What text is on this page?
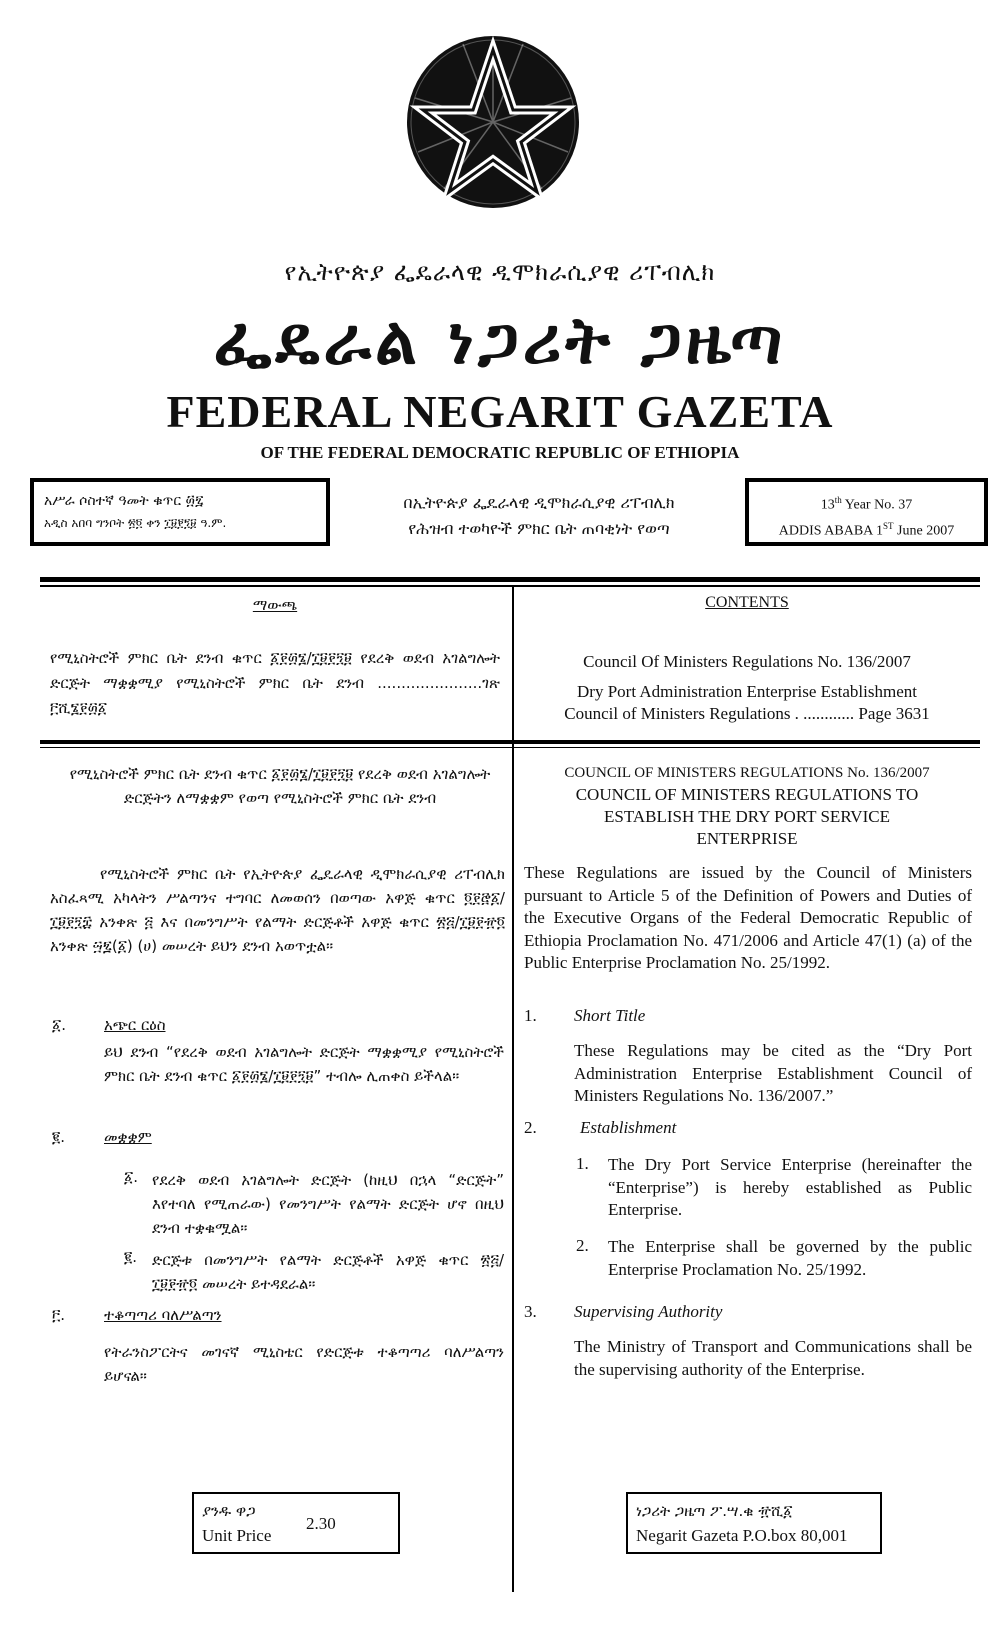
የኢትዮጵያ ፌዴራላዊ ዲሞክራሲያዊ ሪፐብሊክ
ፌዴራል ነጋሪት ጋዜጣ
FEDERAL NEGARIT GAZETA
OF THE FEDERAL DEMOCRATIC REPUBLIC OF ETHIOPIA
አሥራ ሶስተኛ ዓመት ቁጥር ፴፯
አዲስ አበባ ግንቦት ፳፬ ቀን ፲፱፻፺፱ ዓ.ም.
በኢትዮጵያ ፌዴራላዊ ዲሞክራሲያዊ ሪፐብሊክ
የሕዝብ ተወካዮች ምክር ቤት ጠባቂነት የወጣ
13th Year No. 37
ADDIS ABABA 1ST June 2007
ማውጫ
የሚኒስትሮች ምክር ቤት ደንብ ቁጥር ፩፻፴፮/፲፱፻፺፱ የደረቅ ወደብ አገልግሎት ድርጅት ማቋቋሚያ የሚኒስትሮች ምክር ቤት ደንብ ......................ገጽ ፫ሺ፮፻፴፩
CONTENTS
Council Of Ministers Regulations No. 136/2007
Dry Port Administration Enterprise Establishment
Council of Ministers Regulations . ............ Page 3631
የሚኒስትሮች ምክር ቤት ደንብ ቁጥር ፩፻፴፮/፲፱፻፺፱ የደረቅ ወደብ አገልግሎት ድርጅትን ለማቋቋም የወጣ የሚኒስትሮች ምክር ቤት ደንብ
የሚኒስትሮች ምክር ቤት የኢትዮጵያ ፌዴራላዊ ዲሞክራሲያዊ ሪፐብሊክ አስፈጻሚ አካላትን ሥልጣንና ተግባር ለመወሰን በወጣው አዋጅ ቁጥር ፬፻፸፩/፲፱፻፺፰ አንቀጽ ፭ እና በመንግሥት የልማት ድርጅቶች አዋጅ ቁጥር ፳፭/፲፱፻፹፬ አንቀጽ ፵፯(፩) (ሀ) መሠረት ይህን ደንብ አወጥቷል።
፩.	አጭር ርዕስ
ይህ ደንብ “የደረቅ ወደብ አገልግሎት ድርጅት ማቋቋሚያ የሚኒስትሮች ምክር ቤት ደንብ ቁጥር ፩፻፴፮/፲፱፻፺፱” ተብሎ ሊጠቀስ ይችላል።
፪.	መቋቋም
፩. የደረቅ ወደብ አገልግሎት ድርጅት (ከዚህ በኋላ “ድርጅት” እየተባለ የሚጠራው) የመንግሥት የልማት ድርጅት ሆኖ በዚህ ደንብ ተቋቁሟል።
፪. ድርጅቱ በመንግሥት የልማት ድርጅቶች አዋጅ ቁጥር ፳፭/፲፱፻፹፬ መሠረት ይተዳደራል።
፫.	ተቆጣጣሪ ባለሥልጣን
የትራንስፖርትና መገናኛ ሚኒስቴር የድርጅቱ ተቆጣጣሪ ባለሥልጣን ይሆናል።
COUNCIL OF MINISTERS REGULATIONS No. 136/2007
COUNCIL OF MINISTERS REGULATIONS TO
ESTABLISH THE DRY PORT SERVICE
ENTERPRISE
These Regulations are issued by the Council of Ministers pursuant to Article 5 of the Definition of Powers and Duties of the Executive Organs of the Federal Democratic Republic of Ethiopia Proclamation No. 471/2006 and Article 47(1) (a) of the Public Enterprise Proclamation No. 25/1992.
1. Short Title
These Regulations may be cited as the “Dry Port Administration Enterprise Establishment Council of Ministers Regulations No. 136/2007.”
2.	Establishment
1. The Dry Port Service Enterprise (hereinafter the “Enterprise”) is hereby established as Public Enterprise.
2. The Enterprise shall be governed by the public Enterprise Proclamation No. 25/1992.
3. Supervising Authority
The Ministry of Transport and Communications shall be the supervising authority of the Enterprise.
ያንዱ ዋጋ
Unit Price
2.30
ነጋሪት ጋዜጣ ፖ.ሣ.ቁ ፹ሺ፩
Negarit Gazeta P.O.box 80,001
